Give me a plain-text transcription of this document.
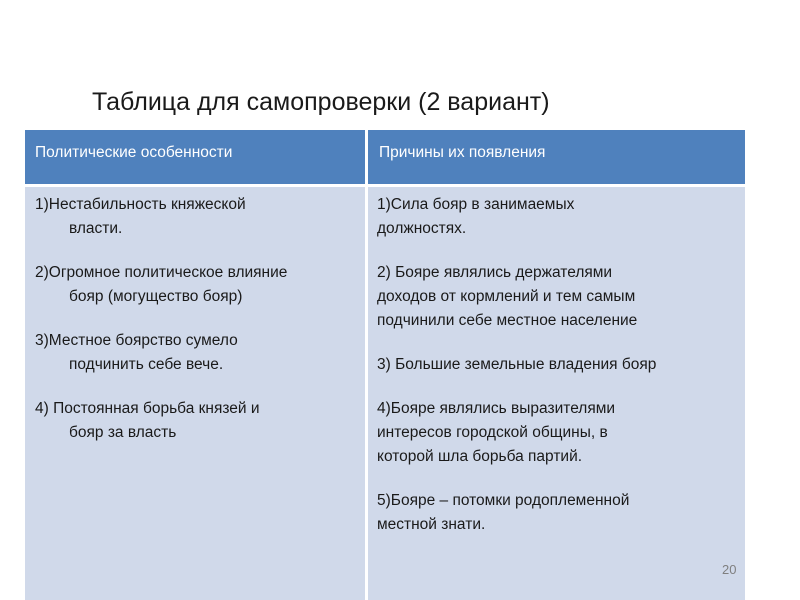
Таблица для самопроверки (2 вариант)
Политические особенности	Причины их появления
1)Нестабильность княжеской
власти.
2)Огромное политическое влияние
бояр (могущество бояр)
3)Местное боярство сумело
подчинить себе вече.
4) Постоянная борьба князей и
бояр за власть
1)Сила бояр в занимаемых
должностях.
2) Бояре являлись держателями
доходов от кормлений и тем самым
подчинили себе местное население
3) Большие земельные владения бояр
4)Бояре являлись выразителями
интересов городской общины, в
которой шла борьба партий.
5)Бояре – потомки родоплеменной
местной знати.
20
